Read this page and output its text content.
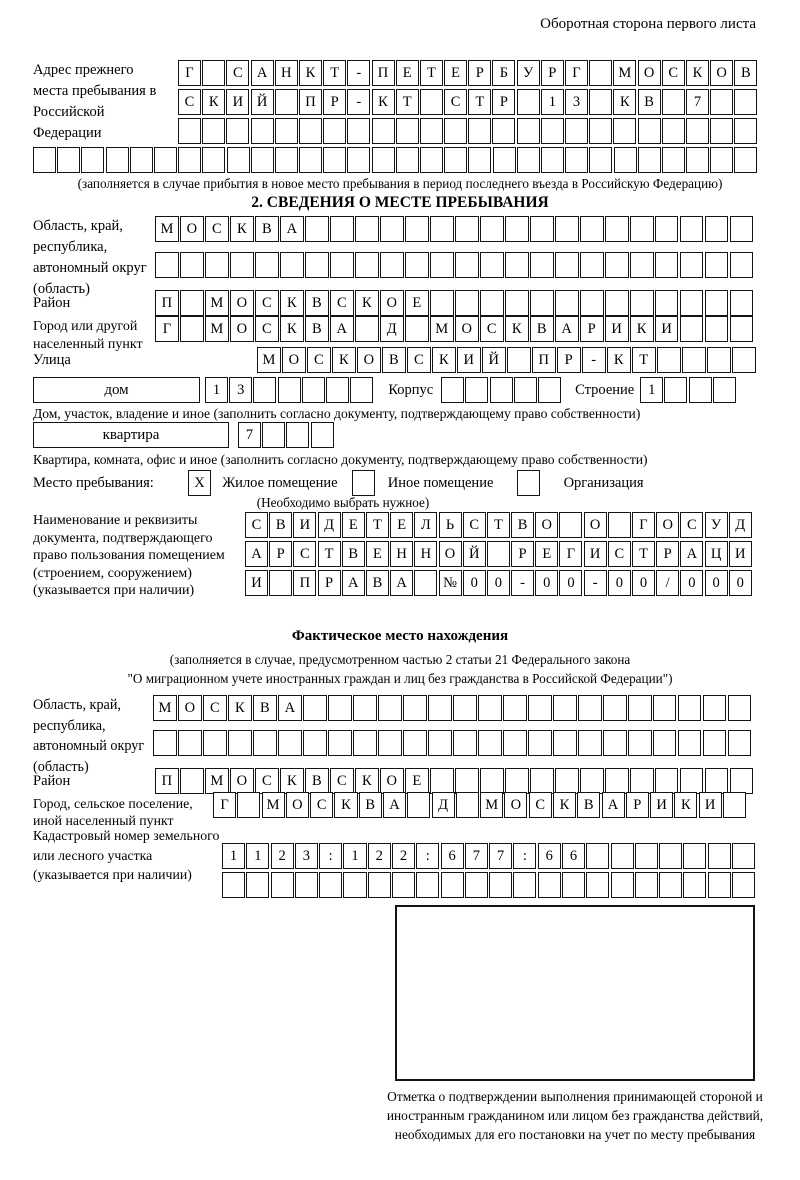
Оборотная сторона первого листа
Адрес прежнего места пребывания в Российской Федерации
Г	С А Н К	Т	-	П	Е	Т	Е	Р	Б	У	Р	Г	М О С	К О В
С	К И Й	П	Р	-	К	Т	С	Т	Р	1	3	К	В	7
(заполняется в случае прибытия в новое место пребывания в период последнего въезда в Российскую Федерацию)
2. СВЕДЕНИЯ О МЕСТЕ ПРЕБЫВАНИЯ
Область, край, республика, автономный округ (область)
М О	С	К	В	А
Район	П	М О	С	К	В	С	К	О	Е
Город или другой населенный пункт
Г	М О	С	К	В	А	Д	М О	С	К	В	А	Р	И	К	И
Улица	М О	С	К	О	В	С	К	И	Й	П	Р	-	К	Т
дом	1	3	Корпус	Строение 1
Дом, участок, владение и иное (заполнить согласно документу, подтверждающему право собственности)
квартира	7
Квартира, комната, офис и иное (заполнить согласно документу, подтверждающему право собственности)
Место пребывания:	X	Жилое помещение	Иное помещение	Организация
(Необходимо выбрать нужное)
Наименование и реквизиты документа, подтверждающего право пользования помещением (строением, сооружением) (указывается при наличии)
С	В И Д	Е	Т	Е	Л	Ь	С	Т	В О	О	Г	О С У Д
А	Р	С	Т	В	Е	Н Н О Й	Р	Е	Г	И С	Т	Р	А Ц И
И	П	Р	А В А	№ 0	0	-	0	0	-	0	0	/	0	0	0
Фактическое место нахождения
(заполняется в случае, предусмотренном частью 2 статьи 21 Федерального закона
"О миграционном учете иностранных граждан и лиц без гражданства в Российской Федерации")
Область, край, республика, автономный округ (область)
М О	С	К	В	А
Район	П	М О	С	К	В	С	К	О	Е
Город, сельское поселение, иной населенный пункт
Г	М О С	К	В А	Д	М О С	К	В А	Р	И К И
Кадастровый номер земельного или лесного участка (указывается при наличии)
1	1	2	3	:	1	2	2	:	6	7	7	:	6	6
Отметка о подтверждении выполнения принимающей стороной и иностранным гражданином или лицом без гражданства действий, необходимых для его постановки на учет по месту пребывания
